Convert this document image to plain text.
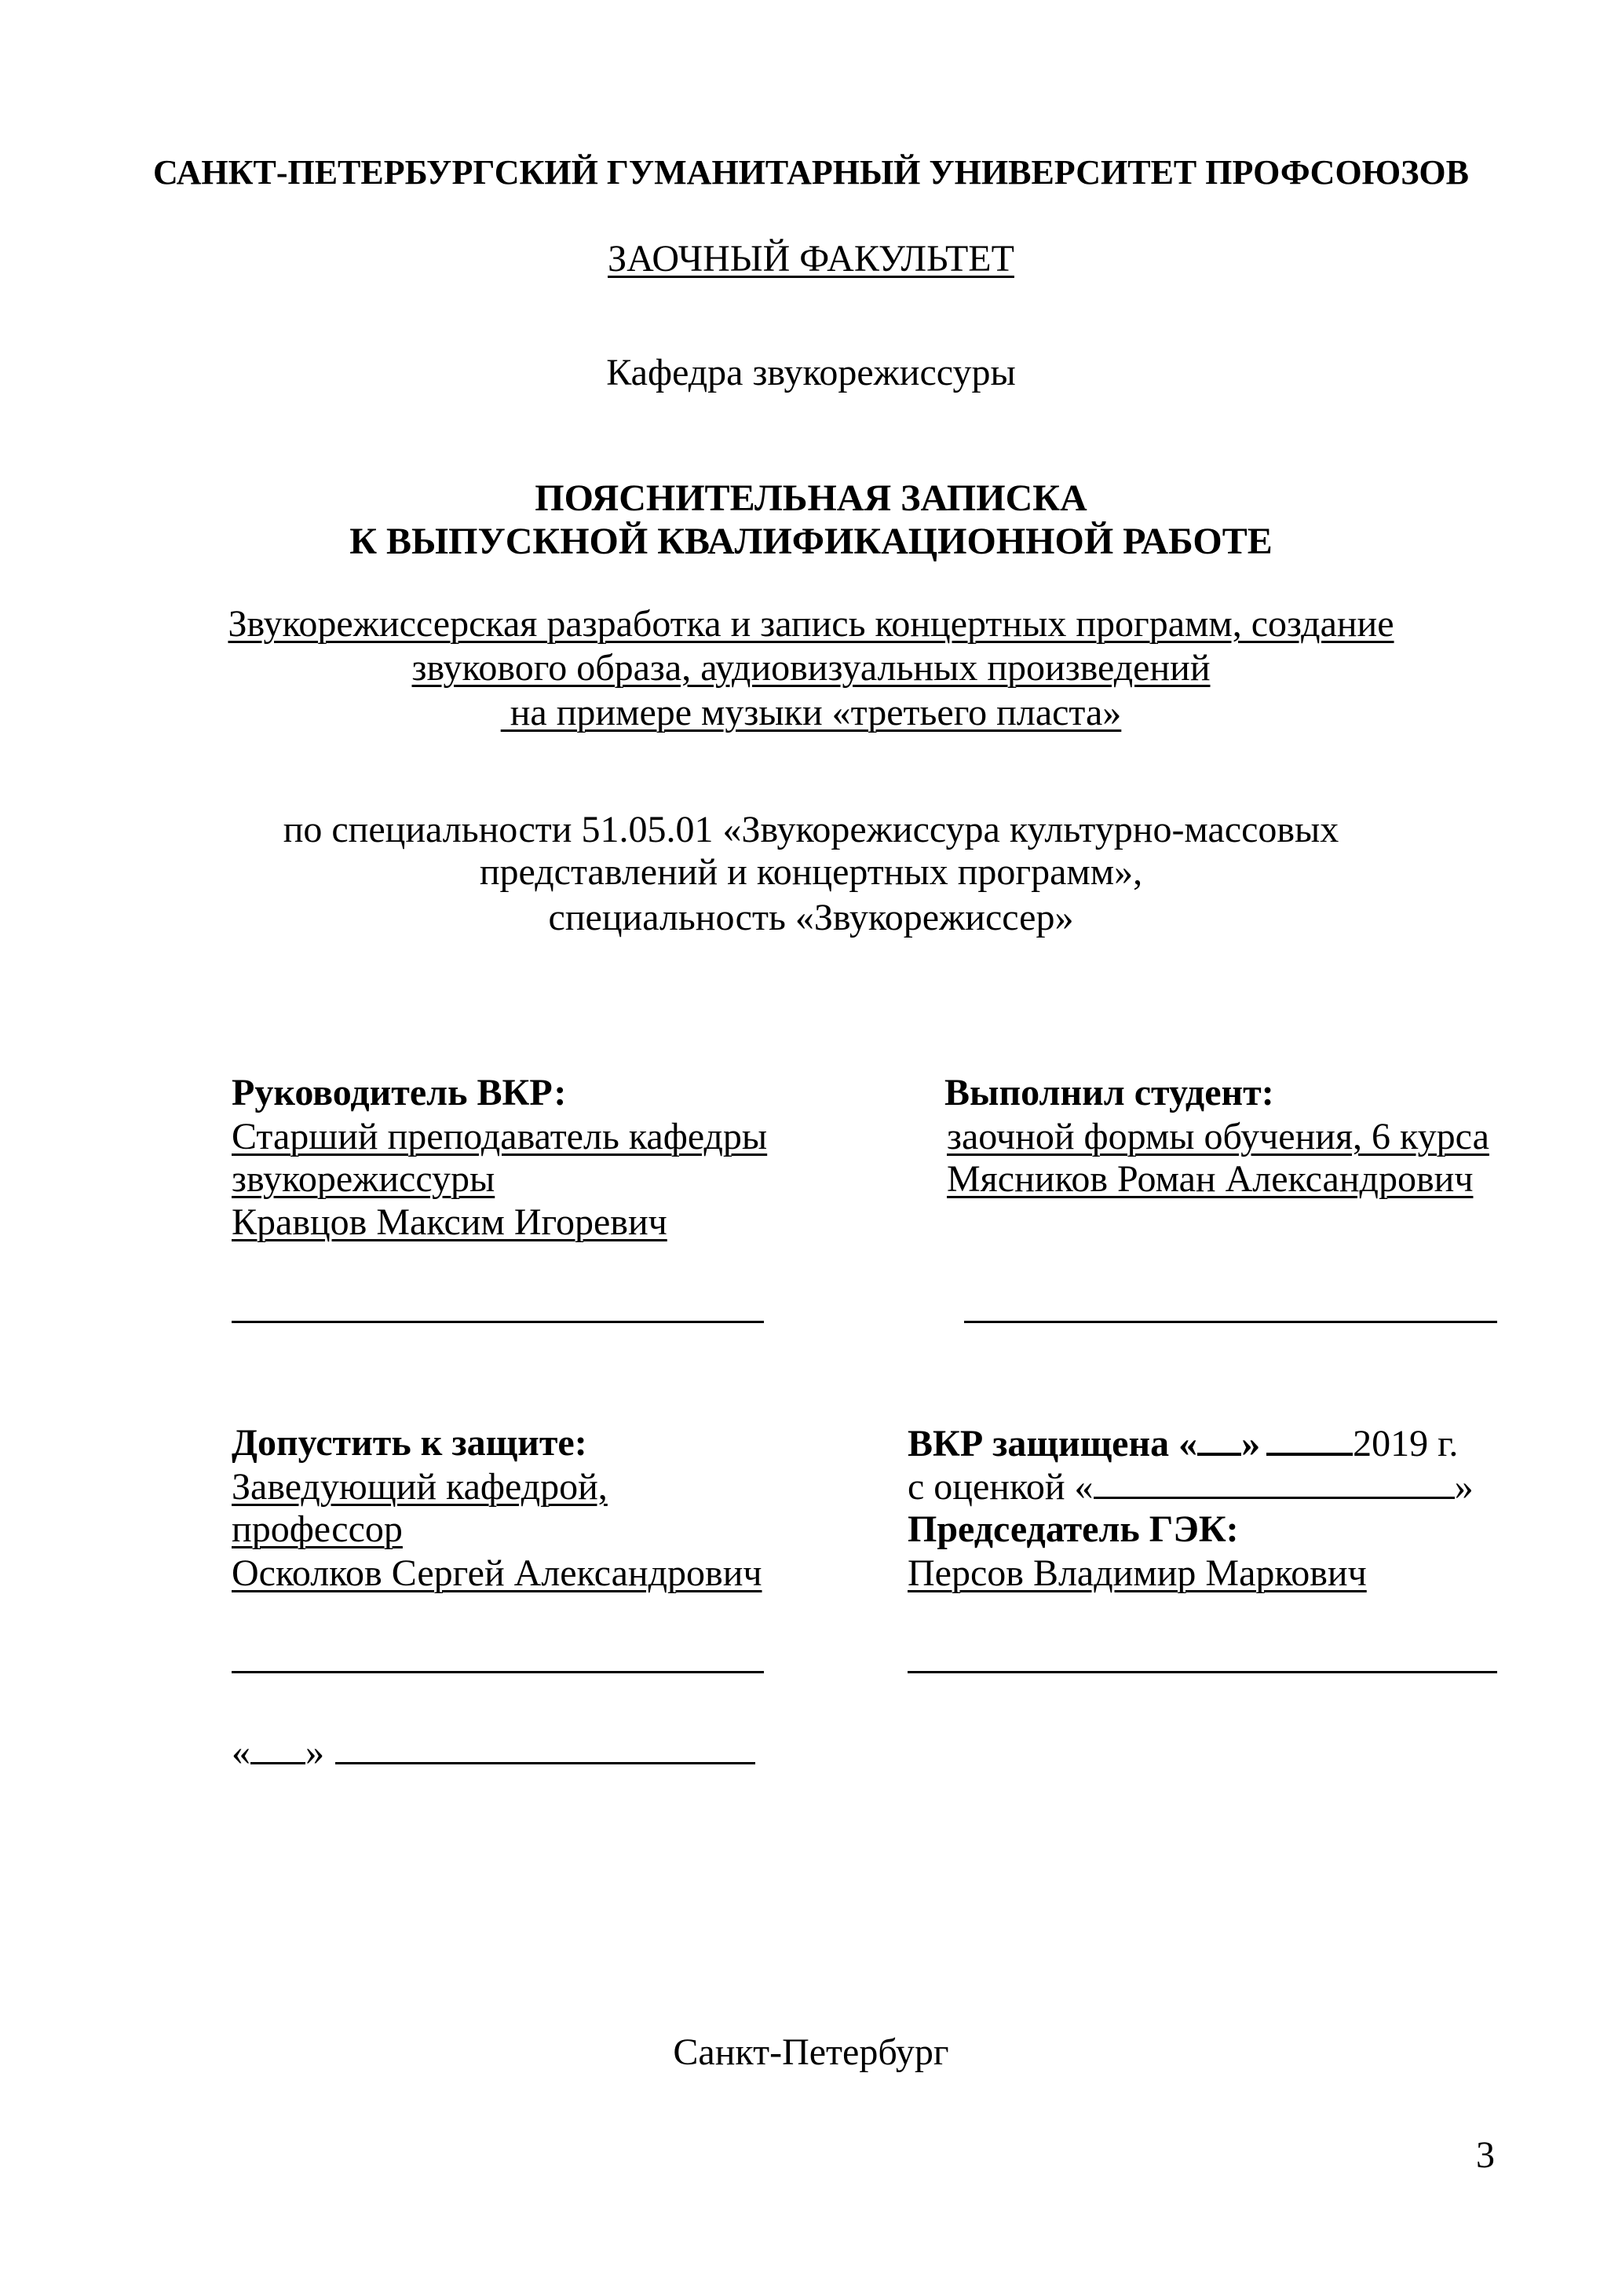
САНКТ-ПЕТЕРБУРГСКИЙ ГУМАНИТАРНЫЙ УНИВЕРСИТЕТ ПРОФСОЮЗОВ
ЗАОЧНЫЙ ФАКУЛЬТЕТ
Кафедра звукорежиссуры
ПОЯСНИТЕЛЬНАЯ ЗАПИСКА
К ВЫПУСКНОЙ КВАЛИФИКАЦИОННОЙ РАБОТЕ
Звукорежиссерская разработка и запись концертных программ, создание
звукового образа, аудиовизуальных произведений
на примере музыки «третьего пласта»
по специальности 51.05.01 «Звукорежиссура культурно-массовых
представлений и концертных программ»,
специальность «Звукорежиссер»
Руководитель ВКР:
Старший преподаватель кафедры
звукорежиссуры
Кравцов Максим Игоревич
Выполнил студент:
заочной формы обучения, 6 курса
Мясников Роман Александрович
Допустить к защите:
Заведующий кафедрой,
профессор
Осколков Сергей Александрович
ВКР защищена « » 2019 г.
с оценкой «	»
Председатель ГЭК:
Персов Владимир Маркович
« »
Санкт-Петербург
3
